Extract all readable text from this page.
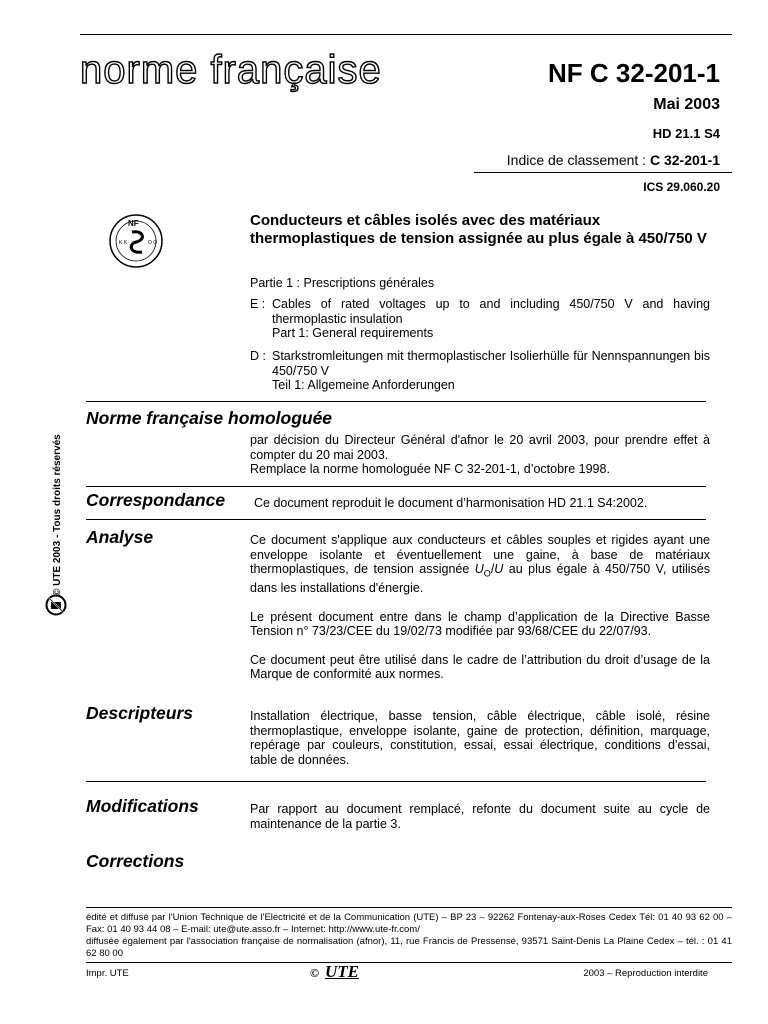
norme française	NF C 32-201-1
Mai 2003
HD 21.1 S4
Indice de classement : C 32-201-1
ICS 29.060.20
NF
K K	O O
Conducteurs et câbles isolés avec des matériaux thermoplastiques de tension assignée au plus égale à 450/750 V
Partie 1 : Prescriptions générales
E : Cables of rated voltages up to and including 450/750 V and having thermoplastic insulation
Part 1: General requirements
D : Starkstromleitungen mit thermoplastischer Isolierhülle für Nennspannungen bis 450/750 V
Teil 1: Allgemeine Anforderungen
© UTE 2003 - Tous droits réservés
Norme française homologuée
par décision du Directeur Général d'afnor le 20 avril 2003, pour prendre effet à compter du 20 mai 2003.
Remplace la norme homologuée NF C 32-201-1, d’octobre 1998.
Correspondance Ce document reproduit le document d’harmonisation HD 21.1 S4:2002.
Analyse	Ce document s'applique aux conducteurs et câbles souples et rigides ayant une enveloppe isolante et éventuellement une gaine, à base de matériaux thermoplastiques, de tension assignée $U_O/U$ au plus égale à 450/750 V, utilisés dans les installations d'énergie.
Le présent document entre dans le champ d’application de la Directive Basse Tension n° 73/23/CEE du 19/02/73 modifiée par 93/68/CEE du 22/07/93.
Ce document peut être utilisé dans le cadre de l’attribution du droit d’usage de la Marque de conformité aux normes.
Descripteurs	Installation électrique, basse tension, câble électrique, câble isolé, résine thermoplastique, enveloppe isolante, gaine de protection, définition, marquage, repérage par couleurs, constitution, essai, essai électrique, conditions d'essai, table de données.
Modifications	Par rapport au document remplacé, refonte du document suite au cycle de maintenance de la partie 3.
Corrections
édité et diffusé par l'Union Technique de l'Electricité et de la Communication (UTE) – BP 23 – 92262 Fontenay-aux-Roses Cedex Tél: 01 40 93 62 00 – Fax: 01 40 93 44 08 – E-mail: ute@ute.asso.fr – Internet: http://www.ute-fr.com/
diffusée également par l'association française de normalisation (afnor), 11, rue Francis de Pressensé, 93571 Saint-Denis La Plaine Cedex – tél. : 01 41 62 80 00
Impr. UTE	© UTE	2003 – Reproduction interdite
